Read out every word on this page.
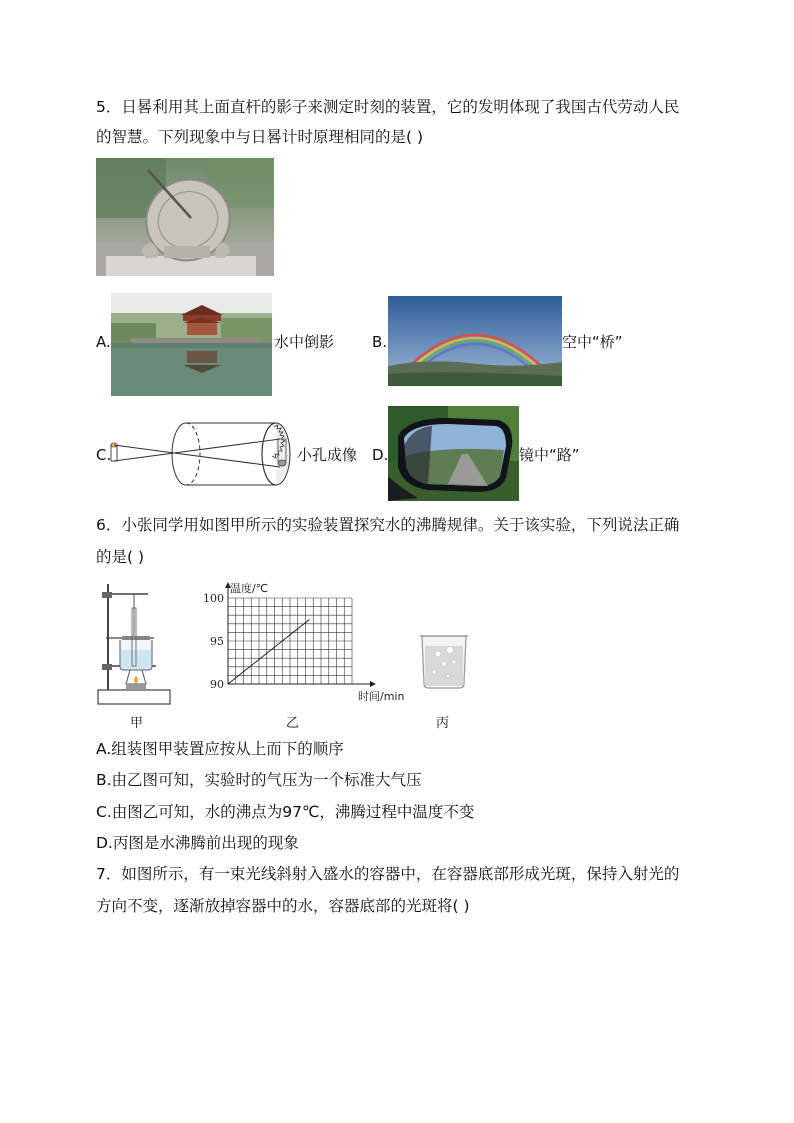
5．日晷利用其上面直杆的影子来测定时刻的装置，它的发明体现了我国古代劳动人民
的智慧。下列现象中与日晷计时原理相同的是( )
A.	水中倒影	B.	空中“桥”
C.	小孔成像 D.	镜中“路”
6．小张同学用如图甲所示的实验装置探究水的沸腾规律。关于该实验，下列说法正确
的是( )
甲
90
95
100
温度/℃
时间/min
乙	丙
A.组装图甲装置应按从上而下的顺序
B.由乙图可知，实验时的气压为一个标准大气压
C.由图乙可知，水的沸点为97℃，沸腾过程中温度不变
D.丙图是水沸腾前出现的现象
7．如图所示，有一束光线斜射入盛水的容器中，在容器底部形成光斑，保持入射光的
方向不变，逐渐放掉容器中的水，容器底部的光斑将( )
